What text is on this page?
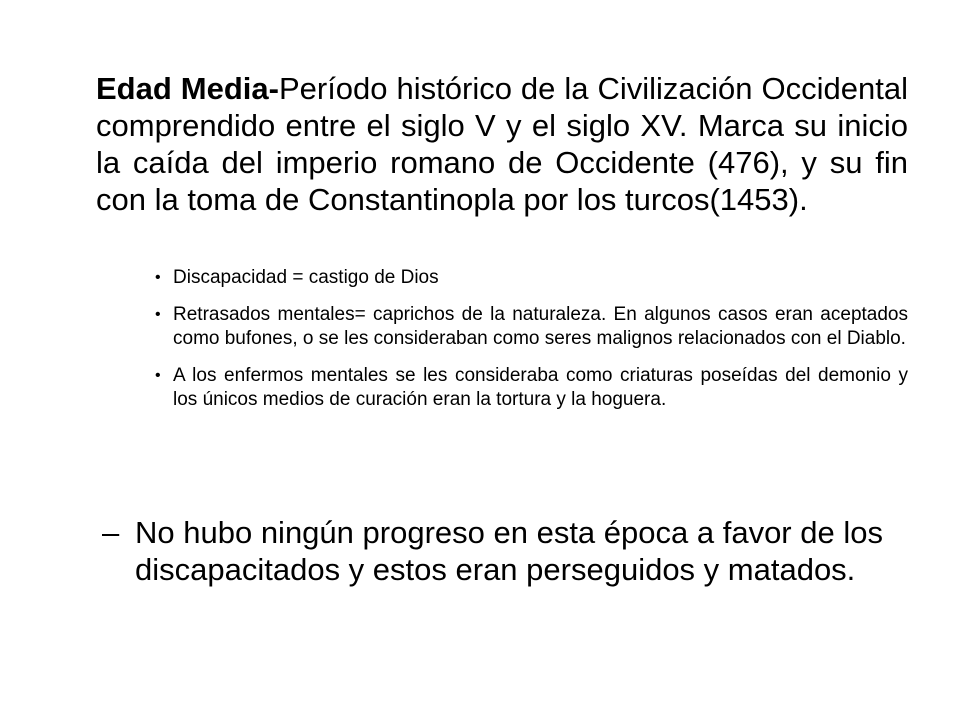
Edad Media-Período histórico de la Civilización Occidental comprendido entre el siglo V y el siglo XV. Marca su inicio la caída del imperio romano de Occidente (476), y su fin con la toma de Constantinopla por los turcos(1453).

• Discapacidad = castigo de Dios
• Retrasados mentales= caprichos de la naturaleza. En algunos casos eran aceptados como bufones, o se les consideraban como seres malignos relacionados con el Diablo.
• A los enfermos mentales se les consideraba como criaturas poseídas del demonio y los únicos medios de curación eran la tortura y la hoguera.

– No hubo ningún progreso en esta época a favor de los discapacitados y estos eran perseguidos y matados.
